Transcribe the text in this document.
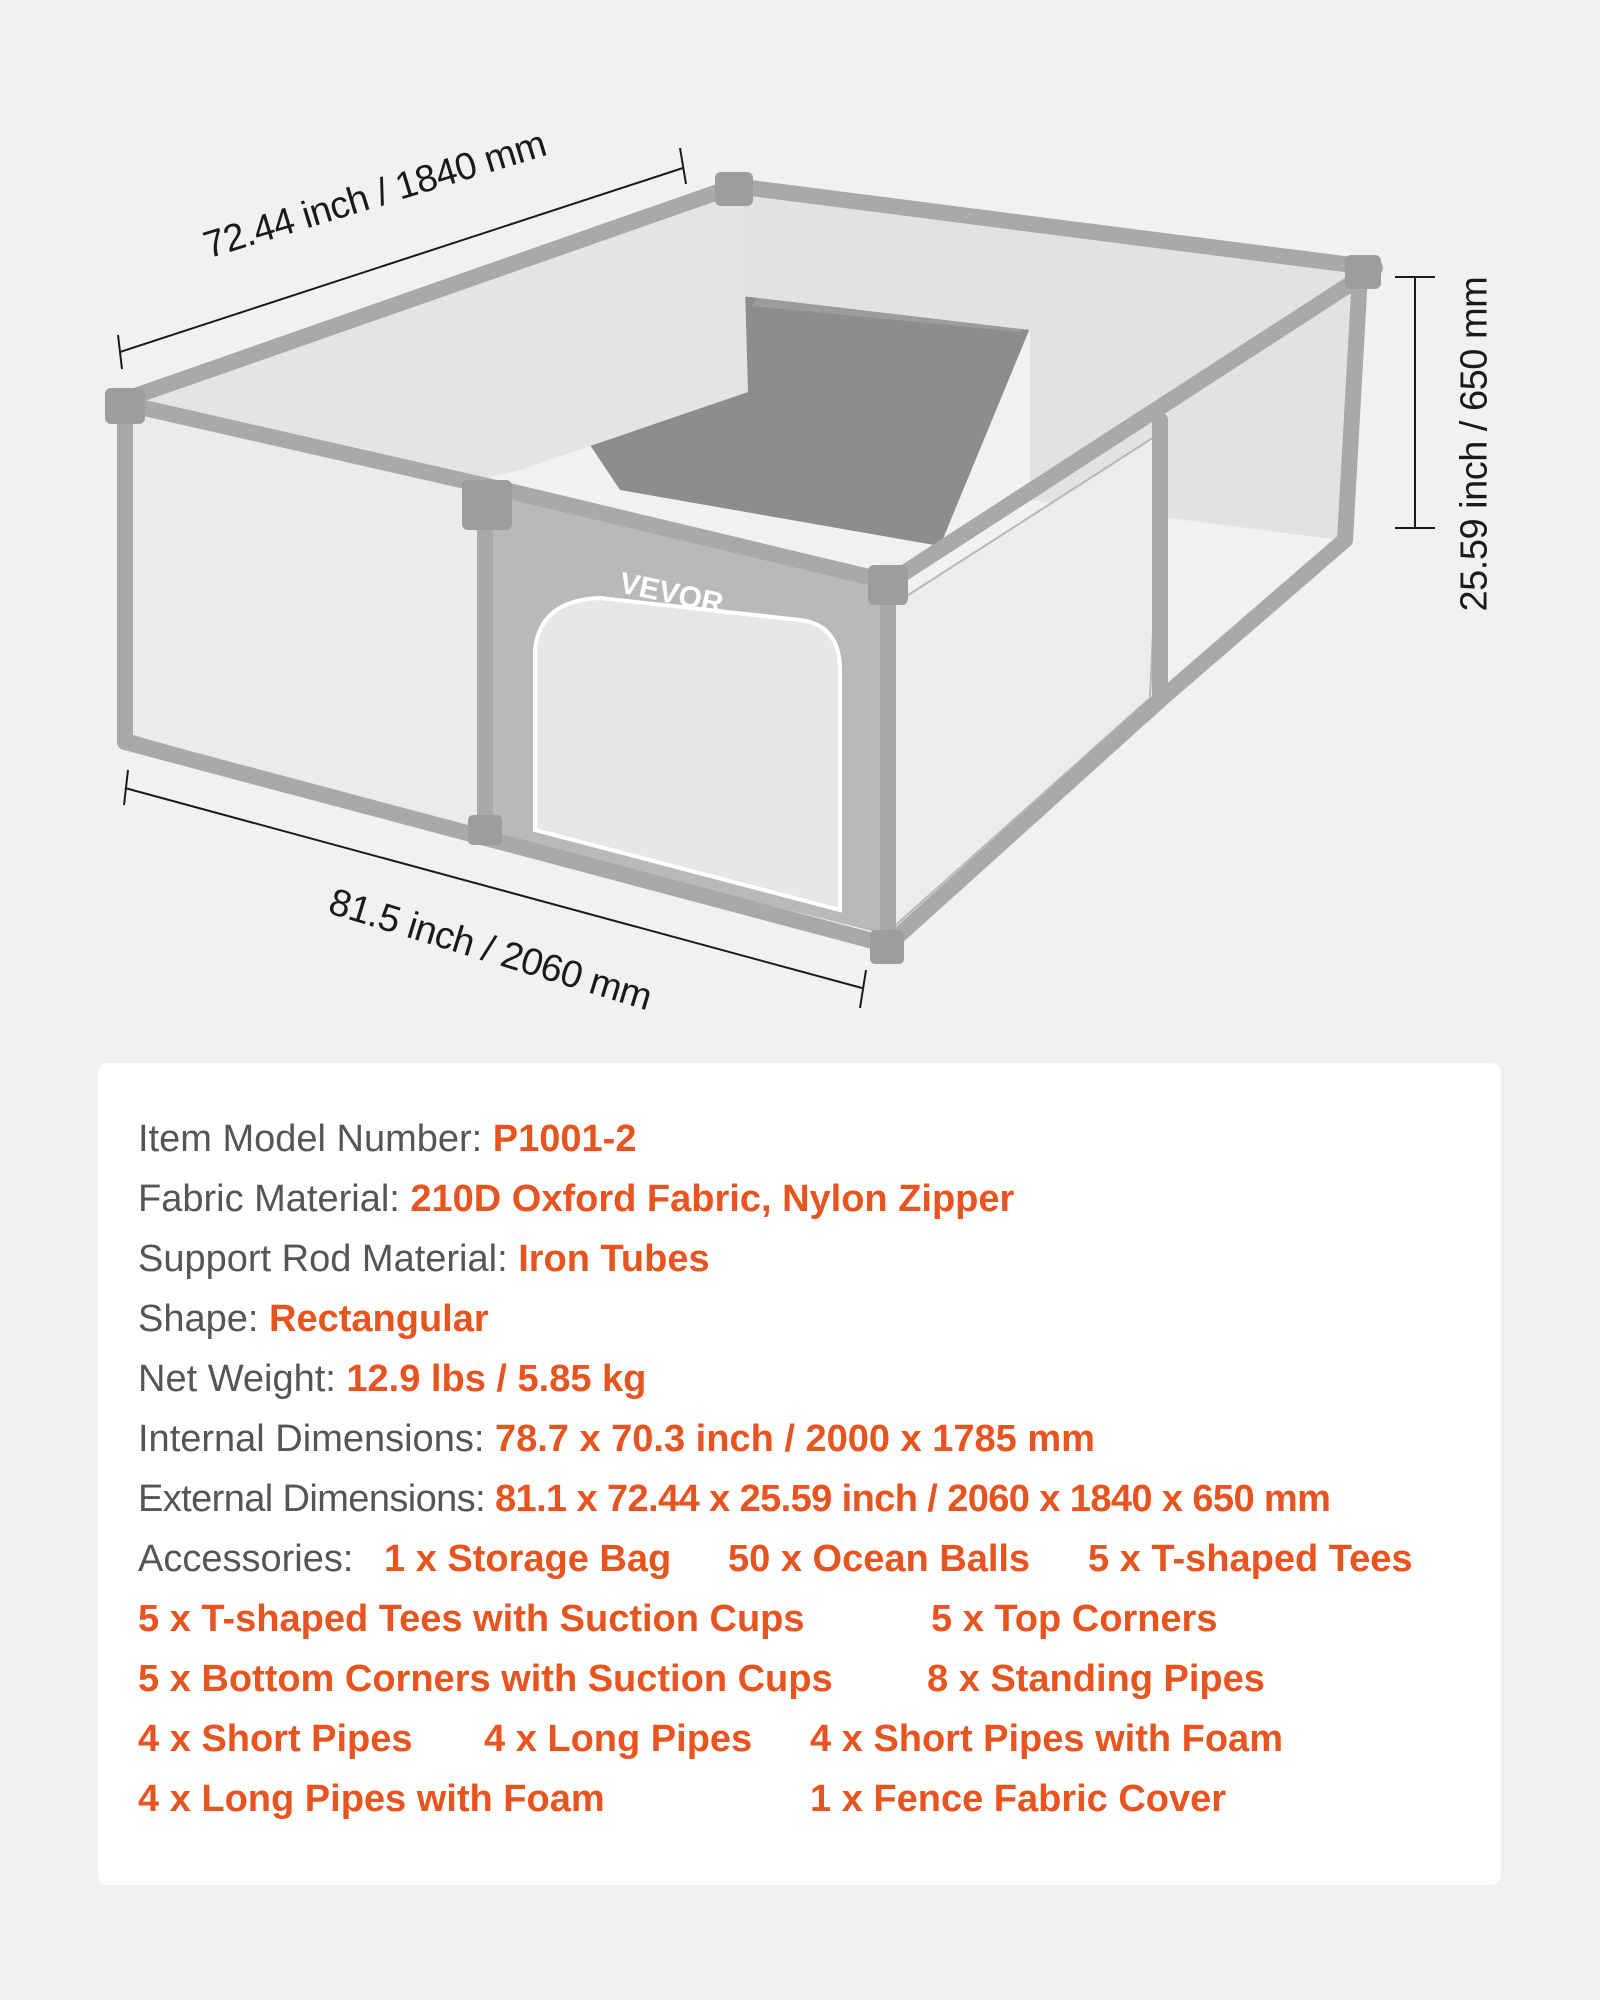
VEVOR
72.44 inch / 1840 mm
81.5 inch / 2060 mm
25.59 inch / 650 mm
Item Model Number: P1001-2
Fabric Material: 210D Oxford Fabric, Nylon Zipper
Support Rod Material: Iron Tubes
Shape: Rectangular
Net Weight: 12.9 lbs / 5.85 kg
Internal Dimensions: 78.7 x 70.3 inch / 2000 x 1785 mm
External Dimensions: 81.1 x 72.44 x 25.59 inch / 2060 x 1840 x 650 mm
Accessories: 1 x Storage Bag 50 x Ocean Balls 5 x T-shaped Tees
5 x T-shaped Tees with Suction Cups	5 x Top Corners
5 x Bottom Corners with Suction Cups 8 x Standing Pipes
4 x Short Pipes 4 x Long Pipes 4 x Short Pipes with Foam
4 x Long Pipes with Foam	1 x Fence Fabric Cover
